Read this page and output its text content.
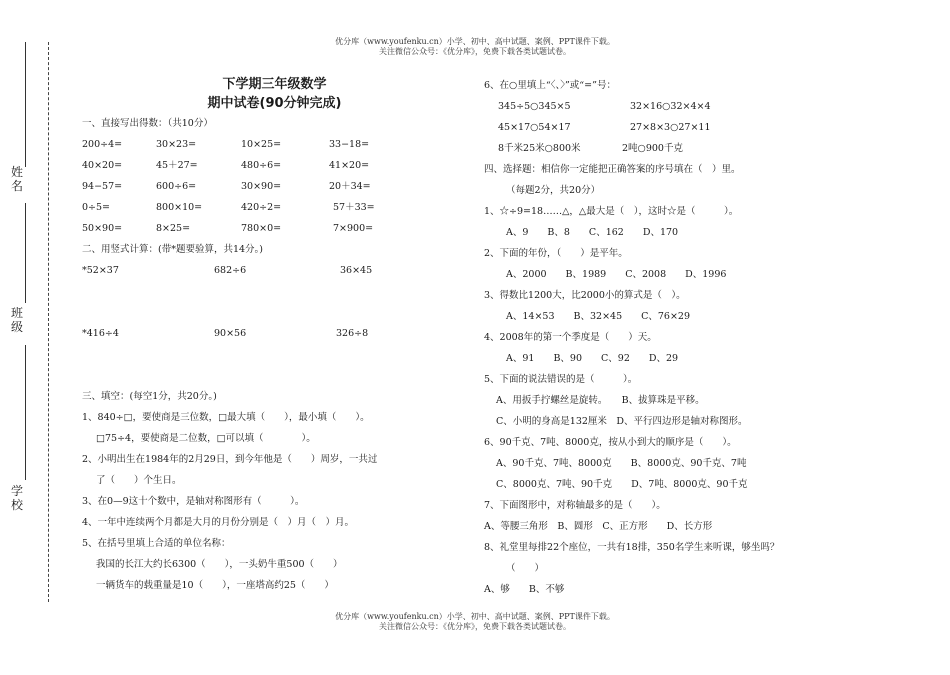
优分库（www.youfenku.cn）小学、初中、高中试题、案例、PPT课件下载。
关注微信公众号：《优分库》，免费下载各类试题试卷。
姓名
班级
学校
下学期三年级数学
期中试卷(90分钟完成)
一、直接写出得数：（共10分）
200÷4=	30×23=	10×25=	33−18=
40×20=	45＋27=	480÷6=	41×20=
94−57=	600÷6=	30×90=	20＋34=
0÷5=	800×10=	420÷2=	57＋33=
50×90=	8×25=	780×0=	7×900=
二、用竖式计算：(带*题要验算，共14分。)
*52×37	682÷6	36×45
*416÷4	90×56	326÷8
三、填空：(每空1分，共20分。)
1、840÷□，要使商是三位数，□最大填（　　），最小填（　　）。
□75÷4，要使商是二位数，□可以填（　　　　）。
2、小明出生在1984年的2月29日，到今年他是（　　）周岁，一共过
了（　　）个生日。
3、在0—9这十个数中，是轴对称图形有（　　　）。
4、一年中连续两个月都是大月的月份分别是（　）月（　）月。
5、在括号里填上合适的单位名称：
我国的长江大约长6300（　　），一头奶牛重500（　　）
一辆货车的载重量是10（　　），一座塔高约25（　　）
6、在○里填上“〈、〉”或“=”号：
345÷5○345×5	32×16○32×4×4
45×17○54×17	27×8×3○27×11
8千米25米○800米	2吨○900千克
四、选择题：相信你一定能把正确答案的序号填在（　）里。
（每题2分，共20分）
1、☆÷9=18……△，△最大是（　），这时☆是（　　　）。
A、9　　B、8　　C、162　　D、170
2、下面的年份，（　　）是平年。
A、2000　　B、1989　　C、2008　　D、1996
3、得数比1200大，比2000小的算式是（　）。
A、14×53　　B、32×45　　C、76×29
4、2008年的第一个季度是（　　）天。
A、91　　B、90　　C、92　　D、29
5、下面的说法错误的是（　　　）。
A、用扳手拧螺丝是旋转。　　B、拔算珠是平移。
C、小明的身高是132厘米　D、平行四边形是轴对称图形。
6、90千克、7吨、8000克，按从小到大的顺序是（　　）。
A、90千克、7吨、8000克　　B、8000克、90千克、7吨
C、8000克、7吨、90千克　　D、7吨、8000克、90千克
7、下面图形中，对称轴最多的是（　　）。
A、等腰三角形　B、圆形　C、正方形　　D、长方形
8、礼堂里每排22个座位，一共有18排，350名学生来听课，够坐吗？
（　　）
A、够　　B、不够
优分库（www.youfenku.cn）小学、初中、高中试题、案例、PPT课件下载。
关注微信公众号：《优分库》，免费下载各类试题试卷。
